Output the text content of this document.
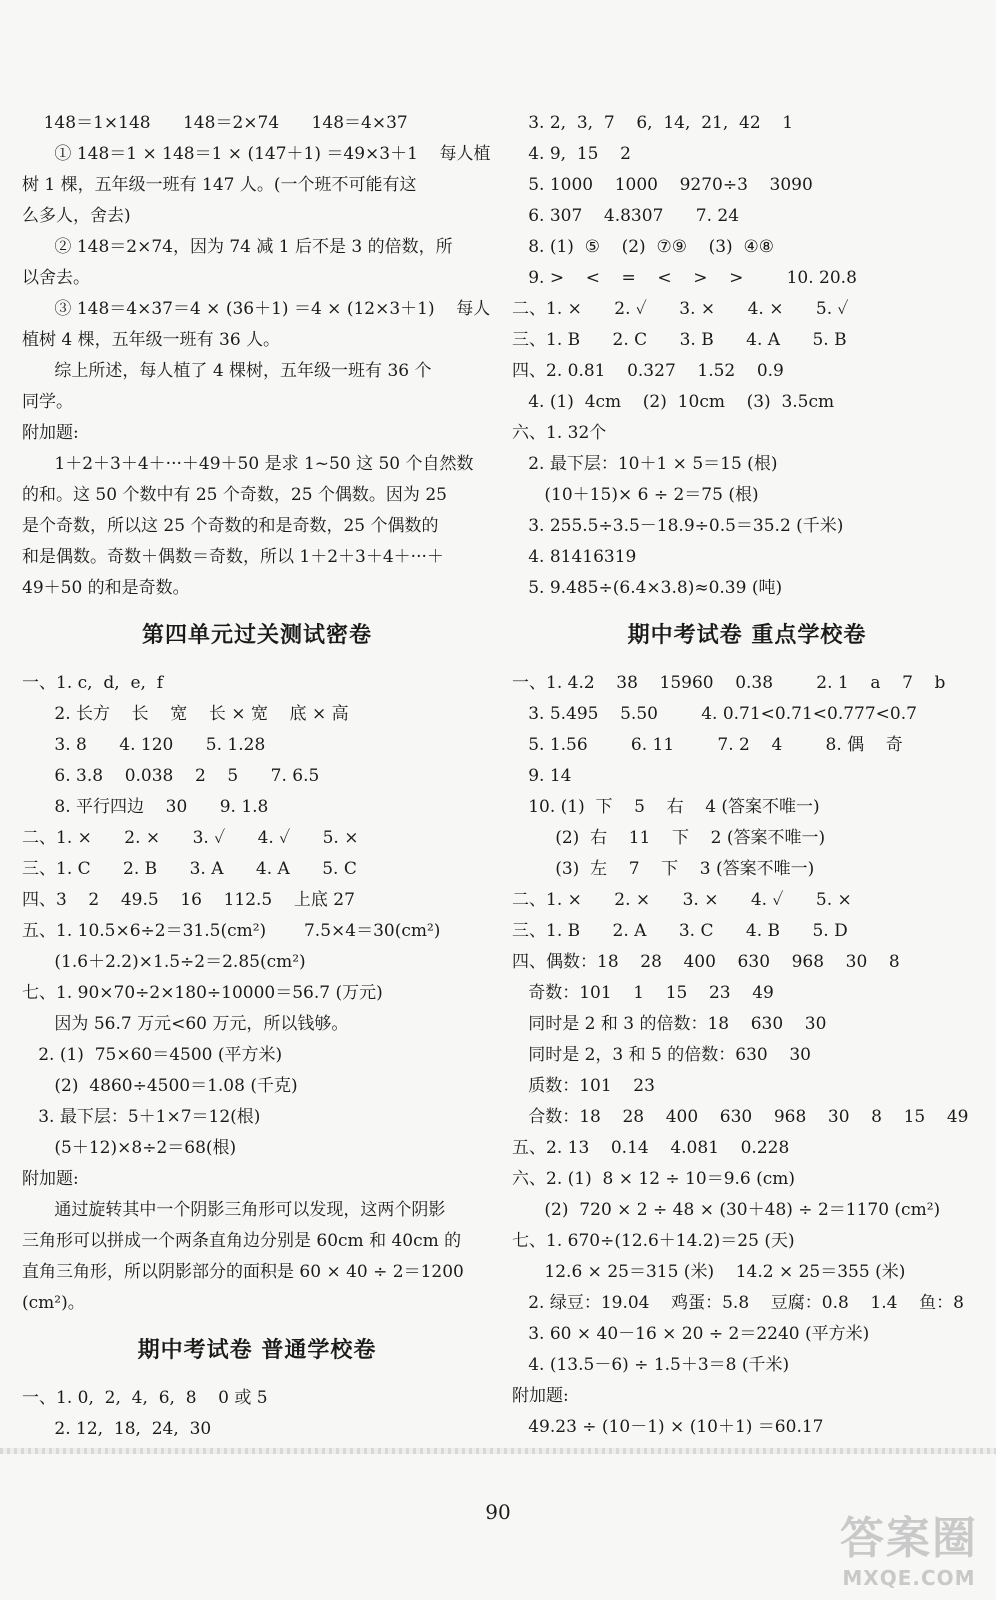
148＝1×148      148＝2×74      148＝4×37
① 148＝1 × 148＝1 × (147＋1) ＝49×3＋1    每人植
树 1 棵，五年级一班有 147 人。(一个班不可能有这
么多人，舍去)
② 148＝2×74，因为 74 减 1 后不是 3 的倍数，所
以舍去。
③ 148＝4×37＝4 × (36＋1) ＝4 × (12×3＋1)    每人
植树 4 棵，五年级一班有 36 人。
综上所述，每人植了 4 棵树，五年级一班有 36 个
同学。
附加题:
1＋2＋3＋4＋···＋49＋50 是求 1~50 这 50 个自然数
的和。这 50 个数中有 25 个奇数，25 个偶数。因为 25
是个奇数，所以这 25 个奇数的和是奇数，25 个偶数的
和是偶数。奇数＋偶数＝奇数，所以 1＋2＋3＋4＋···＋
49＋50 的和是奇数。
第四单元过关测试密卷
一、1. c,  d,  e,  f
2. 长方    长    宽    长 × 宽    底 × 高
3. 8      4. 120      5. 1.28
6. 3.8    0.038    2    5      7. 6.5
8. 平行四边    30      9. 1.8
二、1. ×      2. ×      3. ✓      4. ✓      5. ×
三、1. C      2. B      3. A      4. A      5. C
四、3    2    49.5    16    112.5    上底 27
五、1. 10.5×6÷2＝31.5(cm²)       7.5×4＝30(cm²)
(1.6＋2.2)×1.5÷2＝2.85(cm²)
七、1. 90×70÷2×180÷10000＝56.7 (万元)
因为 56.7 万元<60 万元，所以钱够。
2. (1)  75×60＝4500 (平方米)
(2)  4860÷4500＝1.08 (千克)
3. 最下层：5＋1×7＝12(根)
(5＋12)×8÷2＝68(根)
附加题:
通过旋转其中一个阴影三角形可以发现，这两个阴影
三角形可以拼成一个两条直角边分别是 60cm 和 40cm 的
直角三角形，所以阴影部分的面积是 60 × 40 ÷ 2＝1200
(cm²)。
期中考试卷 普通学校卷
一、1. 0,  2,  4,  6,  8    0 或 5
2. 12,  18,  24,  30
3. 2,  3,  7    6,  14,  21,  42    1
4. 9,  15    2
5. 1000    1000    9270÷3    3090
6. 307    4.8307      7. 24
8. (1)  ⑤    (2)  ⑦⑨    (3)  ④⑧
9. >    <    =    <    >    >        10. 20.8
二、1. ×      2. ✓      3. ×      4. ×      5. ✓
三、1. B      2. C      3. B      4. A      5. B
四、2. 0.81    0.327    1.52    0.9
4. (1)  4cm    (2)  10cm    (3)  3.5cm
六、1. 32个
2. 最下层：10＋1 × 5＝15 (根)
(10＋15)× 6 ÷ 2＝75 (根)
3. 255.5÷3.5－18.9÷0.5＝35.2 (千米)
4. 81416319
5. 9.485÷(6.4×3.8)≈0.39 (吨)
期中考试卷 重点学校卷
一、1. 4.2    38    15960    0.38        2. 1    a    7    b
3. 5.495    5.50        4. 0.71<0.71<0.777<0.7
5. 1.56        6. 11        7. 2    4        8. 偶    奇
9. 14
10. (1)  下    5    右    4 (答案不唯一)
(2)  右    11    下    2 (答案不唯一)
(3)  左    7    下    3 (答案不唯一)
二、1. ×      2. ×      3. ×      4. ✓      5. ×
三、1. B      2. A      3. C      4. B      5. D
四、偶数：18    28    400    630    968    30    8
奇数：101    1    15    23    49
同时是 2 和 3 的倍数：18    630    30
同时是 2，3 和 5 的倍数：630    30
质数：101    23
合数：18    28    400    630    968    30    8    15    49
五、2. 13    0.14    4.081    0.228
六、2. (1)  8 × 12 ÷ 10＝9.6 (cm)
(2)  720 × 2 ÷ 48 × (30＋48) ÷ 2＝1170 (cm²)
七、1. 670÷(12.6＋14.2)＝25 (天)
12.6 × 25＝315 (米)    14.2 × 25＝355 (米)
2. 绿豆：19.04    鸡蛋：5.8    豆腐：0.8    1.4    鱼：8
3. 60 × 40－16 × 20 ÷ 2＝2240 (平方米)
4. (13.5－6) ÷ 1.5＋3＝8 (千米)
附加题:
49.23 ÷ (10－1) × (10＋1) ＝60.17
90
答案圈
MXQE.COM
